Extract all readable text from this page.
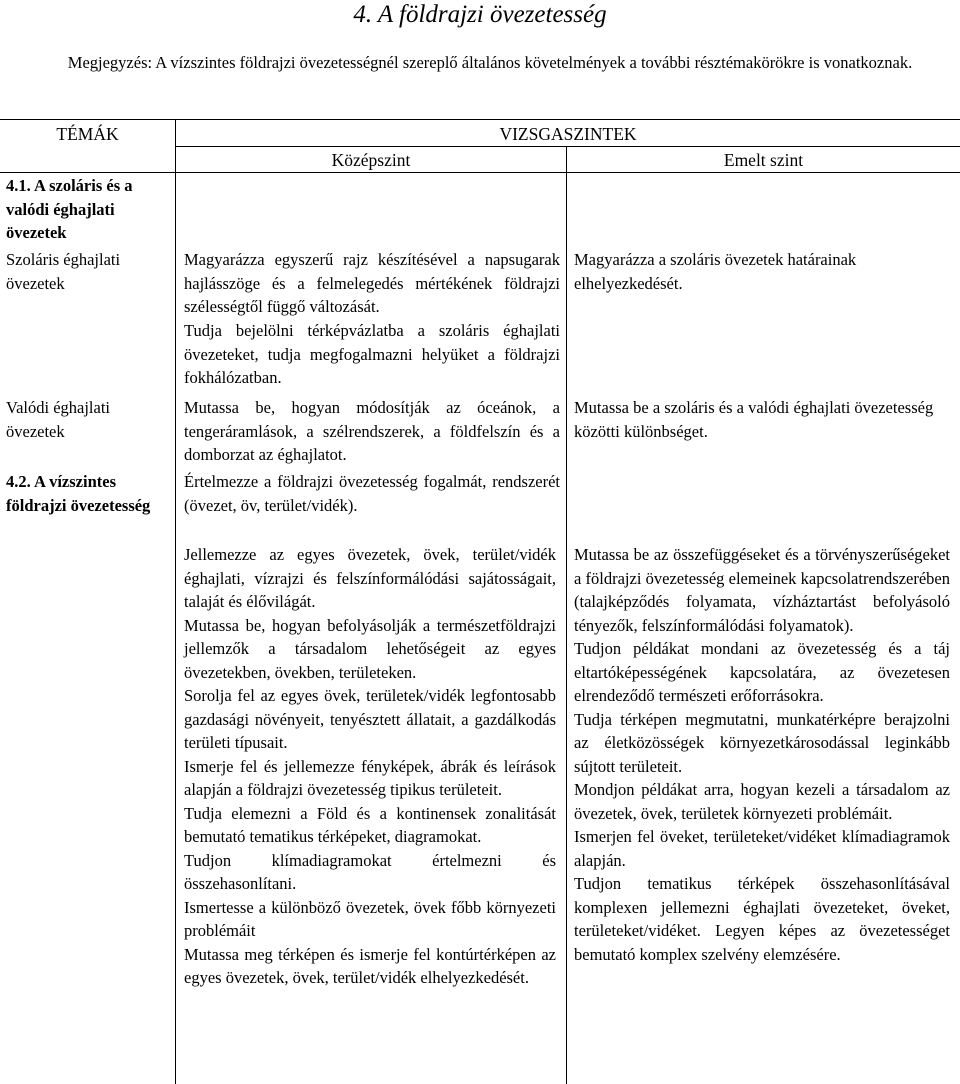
4. A földrajzi övezetesség
Megjegyzés: A vízszintes földrajzi övezetességnél szereplő általános követelmények a további résztémakörökre is vonatkoznak.
TÉMÁK	VIZSGASZINTEK
Középszint	Emelt szint
4.1. A szoláris és a valódi éghajlati övezetek
Szoláris éghajlati övezetek
Valódi éghajlati övezetek
4.2. A vízszintes földrajzi övezetesség
Magyarázza egyszerű rajz készítésével a napsugarak hajlásszöge és a felmelegedés mértékének földrajzi szélességtől függő változását.
Tudja bejelölni térképvázlatba a szoláris éghajlati övezeteket, tudja megfogalmazni helyüket a földrajzi fokhálózatban.
Mutassa be, hogyan módosítják az óceánok, a tengeráramlások, a szélrendszerek, a földfelszín és a domborzat az éghajlatot.
Értelmezze a földrajzi övezetesség fogalmát, rendszerét (övezet, öv, terület/vidék).

Jellemezze az egyes övezetek, övek, terület/vidék éghajlati, vízrajzi és felszínformálódási sajátosságait, talaját és élővilágát.

Mutassa be, hogyan befolyásolják a természetföldrajzi jellemzők a társadalom lehetőségeit az egyes övezetekben, övekben, területeken.

Sorolja fel az egyes övek, területek/vidék legfontosabb gazdasági növényeit, tenyésztett állatait, a gazdálkodás területi típusait.

Ismerje fel és jellemezze fényképek, ábrák és leírások alapján a földrajzi övezetesség tipikus területeit.

Tudja elemezni a Föld és a kontinensek zonalitását bemutató tematikus térképeket, diagramokat.

Tudjon klímadiagramokat értelmezni és összehasonlítani.

Ismertesse a különböző övezetek, övek főbb környezeti problémáit

Mutassa meg térképen és ismerje fel kontúrtérképen az egyes övezetek, övek, terület/vidék elhelyezkedését.

Magyarázza a szoláris övezetek határainak elhelyezkedését.
Mutassa be a szoláris és a valódi éghajlati övezetesség közötti különbséget.

Mutassa be az összefüggéseket és a törvényszerűségeket a földrajzi övezetesség elemeinek kapcsolatrendszerében (talajképződés folyamata, vízháztartást befolyásoló tényezők, felszínformálódási folyamatok).

Tudjon példákat mondani az övezetesség és a táj eltartóképességének kapcsolatára, az övezetesen elrendeződő természeti erőforrásokra.

Tudja térképen megmutatni, munkatérképre berajzolni az életközösségek környezetkárosodással leginkább sújtott területeit.

Mondjon példákat arra, hogyan kezeli a társadalom az övezetek, övek, területek környezeti problémáit.

Ismerjen fel öveket, területeket/vidéket klímadiagramok alapján.

Tudjon tematikus térképek összehasonlításával komplexen jellemezni éghajlati övezeteket, öveket, területeket/vidéket. Legyen képes az övezetességet bemutató komplex szelvény elemzésére.
